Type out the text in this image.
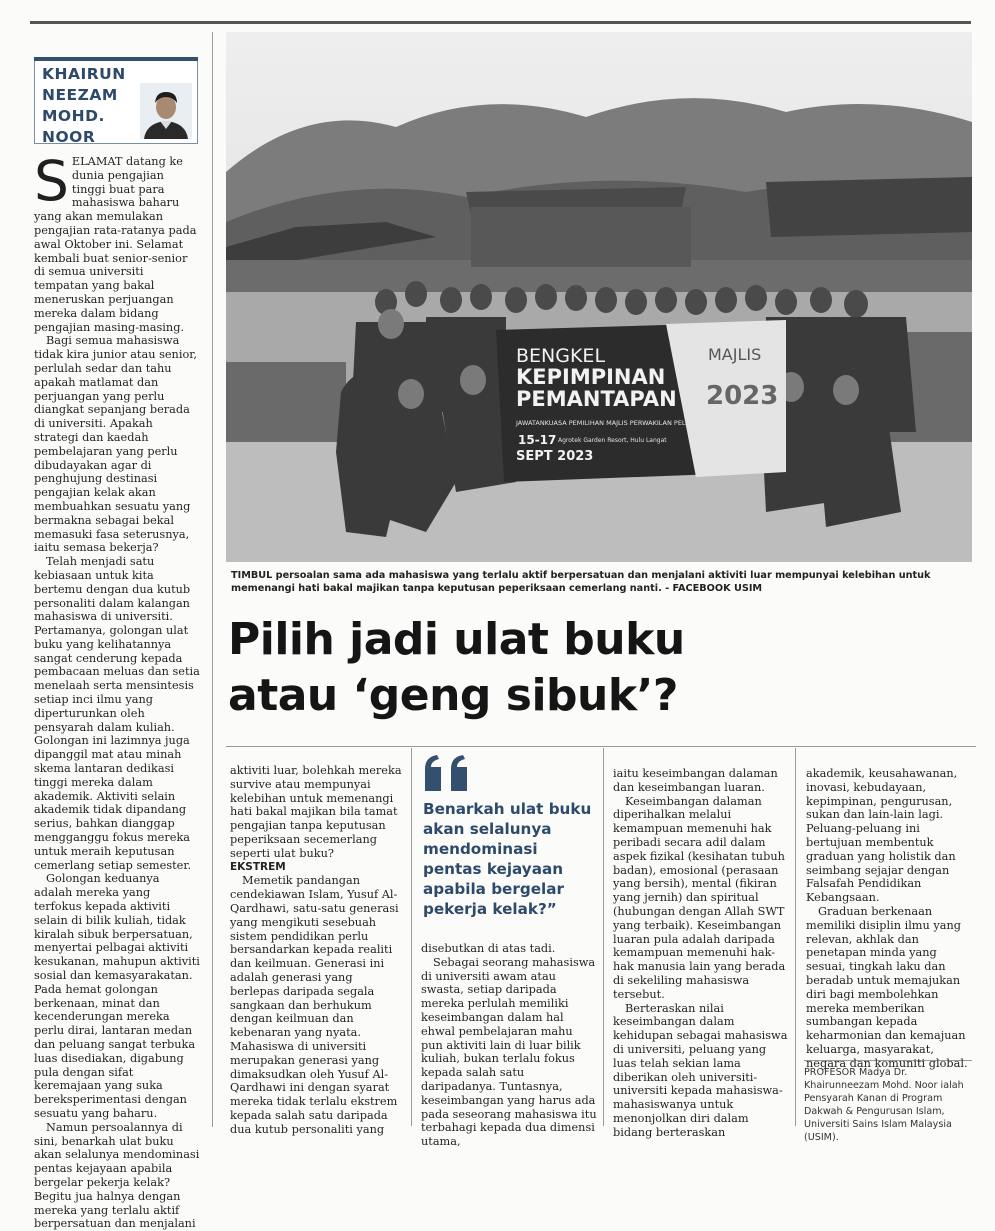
KHAIRUN
NEEZAM
MOHD.
NOOR

SELAMAT datang ke dunia pengajian tinggi buat para mahasiswa baharu yang akan memulakan pengajian rata-ratanya pada awal Oktober ini. Selamat kembali buat senior-senior di semua universiti tempatan yang bakal meneruskan perjuangan mereka dalam bidang pengajian masing-masing.

Bagi semua mahasiswa tidak kira junior atau senior, perlulah sedar dan tahu apakah matlamat dan perjuangan yang perlu diangkat sepanjang berada di universiti. Apakah strategi dan kaedah pembelajaran yang perlu dibudayakan agar di penghujung destinasi pengajian kelak akan membuahkan sesuatu yang bermakna sebagai bekal memasuki fasa seterusnya, iaitu semasa bekerja?

Telah menjadi satu kebiasaan untuk kita bertemu dengan dua kutub personaliti dalam kalangan mahasiswa di universiti. Pertamanya, golongan ulat buku yang kelihatannya sangat cenderung kepada pembacaan meluas dan setia menelaah serta mensintesis setiap inci ilmu yang diperturunkan oleh pensyarah dalam kuliah. Golongan ini lazimnya juga dipanggil mat atau minah skema lantaran dedikasi tinggi mereka dalam akademik. Aktiviti selain akademik tidak dipandang serius, bahkan dianggap mengganggu fokus mereka untuk meraih keputusan cemerlang setiap semester.

Golongan keduanya adalah mereka yang terfokus kepada aktiviti selain di bilik kuliah, tidak kiralah sibuk berpersatuan, menyertai pelbagai aktiviti kesukanan, mahupun aktiviti sosial dan kemasyarakatan. Pada hemat golongan berkenaan, minat dan kecenderungan mereka perlu dirai, lantaran medan dan peluang sangat terbuka luas disediakan, digabung pula dengan sifat keremajaan yang suka bereksperimentasi dengan sesuatu yang baharu.

Namun persoalannya di sini, benarkah ulat buku akan selalunya mendominasi pentas kejayaan apabila bergelar pekerja kelak? Begitu jua halnya dengan mereka yang terlalu aktif berpersatuan dan menjalani

BENGKEL
KEPIMPINAN
PEMANTAPAN
JAWATANKUASA PEMILIHAN MAJLIS PERWAKILAN PELAJAR (JPMP)
15-17 Agrotek Garden Resort, Hulu Langat
SEPT 2023
MAJLIS
2023
TIMBUL persoalan sama ada mahasiswa yang terlalu aktif berpersatuan dan menjalani aktiviti luar mempunyai kelebihan untuk memenangi hati bakal majikan tanpa keputusan peperiksaan cemerlang nanti. - FACEBOOK USIM
Pilih jadi ulat buku
atau ‘geng sibuk’?

aktiviti luar, bolehkah mereka survive atau mempunyai kelebihan untuk memenangi hati bakal majikan bila tamat pengajian tanpa keputusan peperiksaan secemerlang seperti ulat buku?

EKSTREM

Memetik pandangan cendekiawan Islam, Yusuf Al-Qardhawi, satu-satu generasi yang mengikuti sesebuah sistem pendidikan perlu bersandarkan kepada realiti dan keilmuan. Generasi ini adalah generasi yang berlepas daripada segala sangkaan dan berhukum dengan keilmuan dan kebenaran yang nyata. Mahasiswa di universiti merupakan generasi yang dimaksudkan oleh Yusuf Al-Qardhawi ini dengan syarat mereka tidak terlalu ekstrem kepada salah satu daripada dua kutub personaliti yang

Benarkah ulat buku akan selalunya mendominasi pentas kejayaan apabila bergelar pekerja kelak?”

disebutkan di atas tadi.

Sebagai seorang mahasiswa di universiti awam atau swasta, setiap daripada mereka perlulah memiliki keseimbangan dalam hal ehwal pembelajaran mahu pun aktiviti lain di luar bilik kuliah, bukan terlalu fokus kepada salah satu daripadanya. Tuntasnya, keseimbangan yang harus ada pada seseorang mahasiswa itu terbahagi kepada dua dimensi utama,

iaitu keseimbangan dalaman dan keseimbangan luaran.

Keseimbangan dalaman diperihalkan melalui kemampuan memenuhi hak peribadi secara adil dalam aspek fizikal (kesihatan tubuh badan), emosional (perasaan yang bersih), mental (fikiran yang jernih) dan spiritual (hubungan dengan Allah SWT yang terbaik). Keseimbangan luaran pula adalah daripada kemampuan memenuhi hak-hak manusia lain yang berada di sekeliling mahasiswa tersebut.

Berteraskan nilai keseimbangan dalam kehidupan sebagai mahasiswa di universiti, peluang yang luas telah sekian lama diberikan oleh universiti-universiti kepada mahasiswa-mahasiswanya untuk menonjolkan diri dalam bidang berteraskan

akademik, keusahawanan, inovasi, kebudayaan, kepimpinan, pengurusan, sukan dan lain-lain lagi. Peluang-peluang ini bertujuan membentuk graduan yang holistik dan seimbang sejajar dengan Falsafah Pendidikan Kebangsaan.

Graduan berkenaan memiliki disiplin ilmu yang relevan, akhlak dan penetapan minda yang sesuai, tingkah laku dan beradab untuk memajukan diri bagi membolehkan mereka memberikan sumbangan kepada keharmonian dan kemajuan keluarga, masyarakat, negara dan komuniti global.

PROFESOR Madya Dr. Khairunneezam Mohd. Noor ialah Pensyarah Kanan di Program Dakwah & Pengurusan Islam, Universiti Sains Islam Malaysia (USIM).
